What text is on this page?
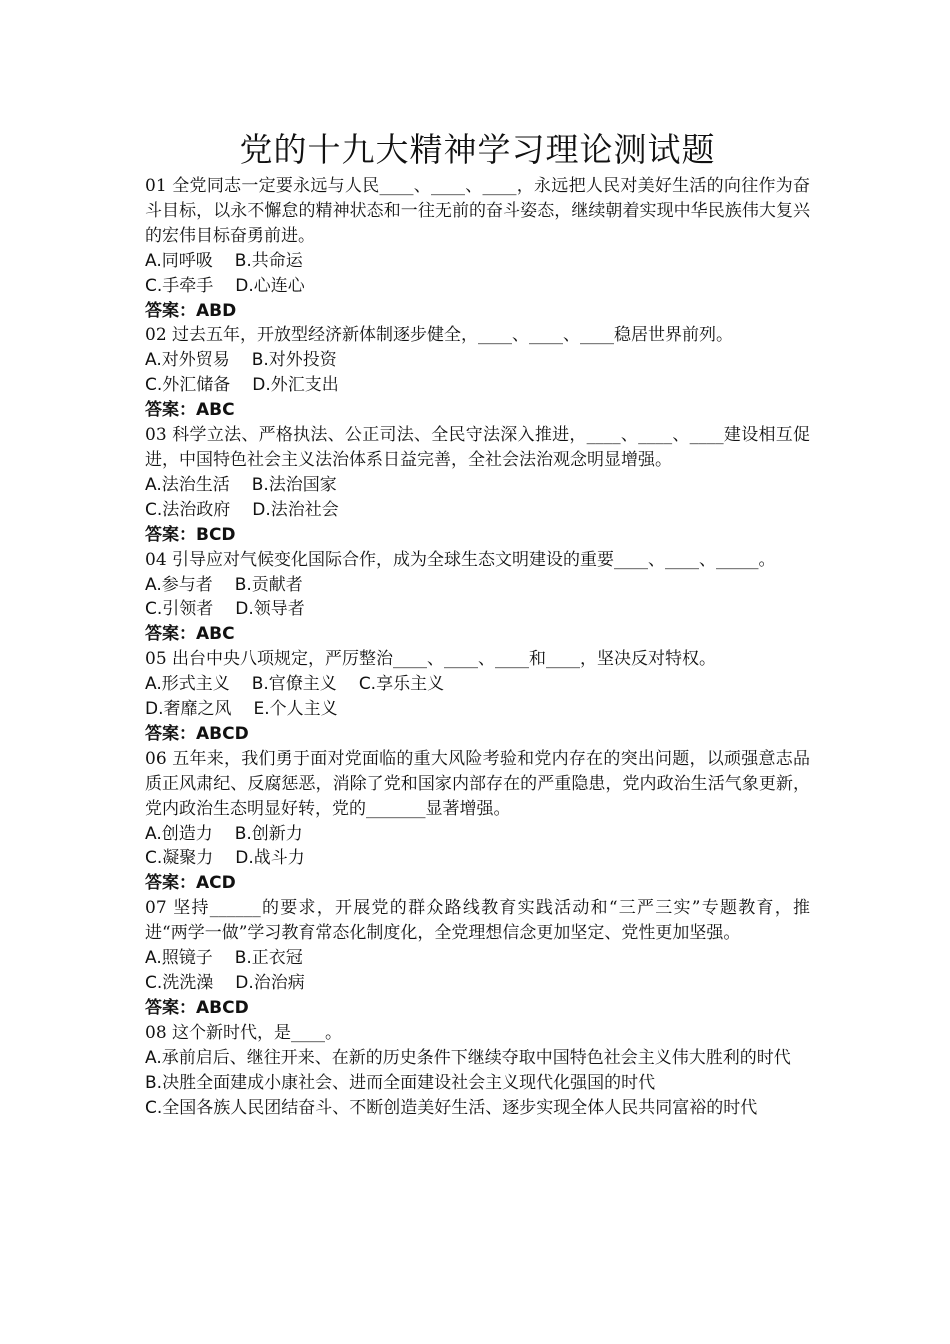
党的十九大精神学习理论测试题

01 全党同志一定要永远与人民____、____、____，永远把人民对美好生活的向往作为奋斗目标，以永不懈怠的精神状态和一往无前的奋斗姿态，继续朝着实现中华民族伟大复兴的宏伟目标奋勇前进。

A.同呼吸 B.共命运

C.手牵手 D.心连心

答案：ABD

02 过去五年，开放型经济新体制逐步健全，____、____、____稳居世界前列。

A.对外贸易 B.对外投资

C.外汇储备 D.外汇支出

答案：ABC

03 科学立法、严格执法、公正司法、全民守法深入推进，____、____、____建设相互促进，中国特色社会主义法治体系日益完善，全社会法治观念明显增强。

A.法治生活 B.法治国家

C.法治政府 D.法治社会

答案：BCD

04 引导应对气候变化国际合作，成为全球生态文明建设的重要____、____、_____。

A.参与者 B.贡献者

C.引领者 D.领导者

答案：ABC

05 出台中央八项规定，严厉整治____、____、____和____，坚决反对特权。

A.形式主义 B.官僚主义 C.享乐主义

D.奢靡之风 E.个人主义

答案：ABCD

06 五年来，我们勇于面对党面临的重大风险考验和党内存在的突出问题，以顽强意志品质正风肃纪、反腐惩恶，消除了党和国家内部存在的严重隐患，党内政治生活气象更新，党内政治生态明显好转，党的_______显著增强。

A.创造力 B.创新力

C.凝聚力 D.战斗力

答案：ACD

07 坚持______的要求，开展党的群众路线教育实践活动和“三严三实”专题教育，推进“两学一做”学习教育常态化制度化，全党理想信念更加坚定、党性更加坚强。

A.照镜子 B.正衣冠

C.洗洗澡 D.治治病

答案：ABCD

08 这个新时代，是____。

A.承前启后、继往开来、在新的历史条件下继续夺取中国特色社会主义伟大胜利的时代

B.决胜全面建成小康社会、进而全面建设社会主义现代化强国的时代

C.全国各族人民团结奋斗、不断创造美好生活、逐步实现全体人民共同富裕的时代
